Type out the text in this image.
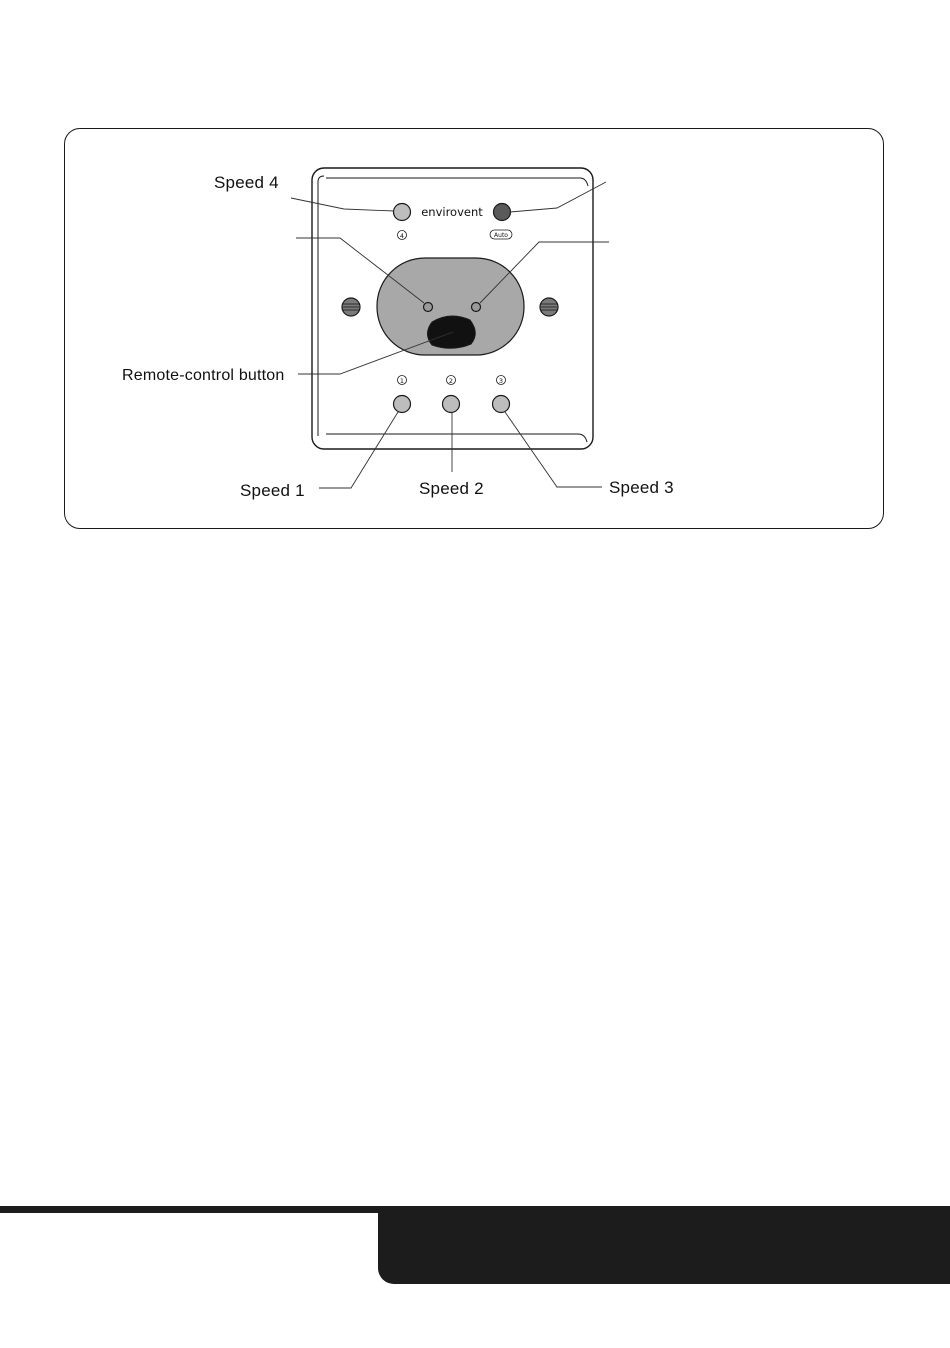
envirovent
4	Auto
1	2	3
Speed 4
Remote-control button
Speed 1	Speed 2	Speed 3
